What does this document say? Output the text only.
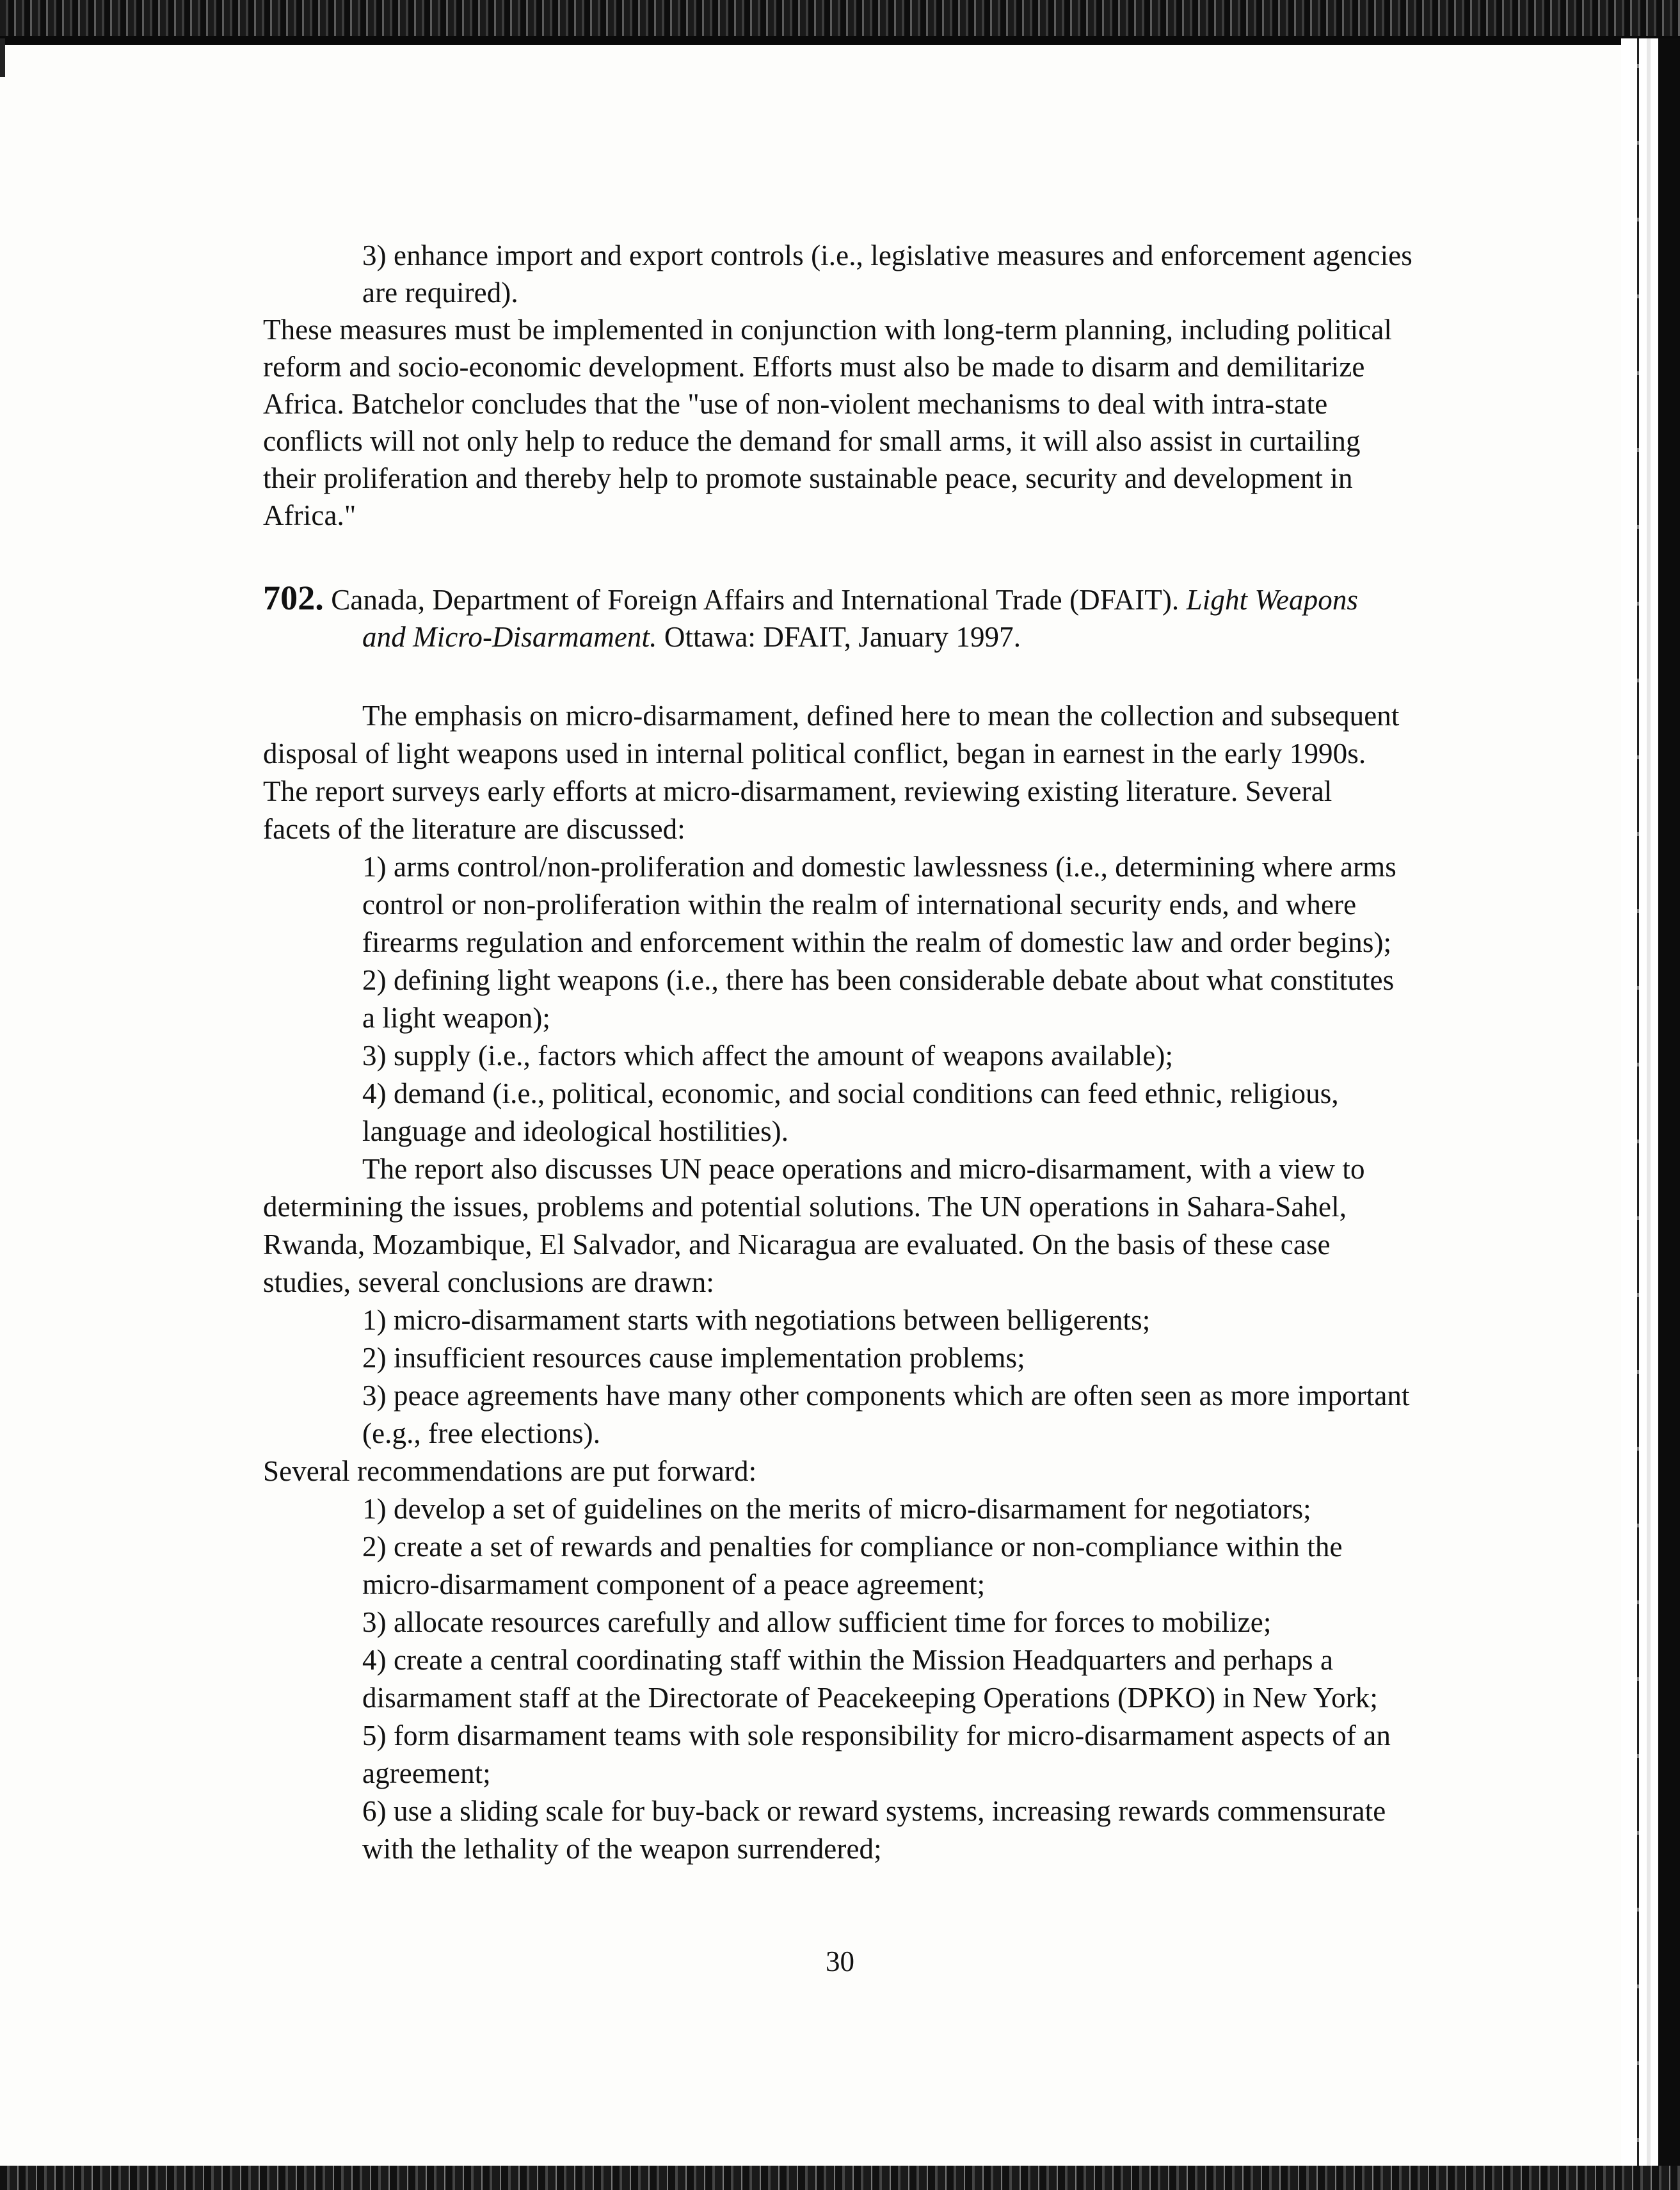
3) enhance import and export controls (i.e., legislative measures and enforcement agencies
are required).
These measures must be implemented in conjunction with long-term planning, including political
reform and socio-economic development. Efforts must also be made to disarm and demilitarize
Africa. Batchelor concludes that the "use of non-violent mechanisms to deal with intra-state
conflicts will not only help to reduce the demand for small arms, it will also assist in curtailing
their proliferation and thereby help to promote sustainable peace, security and development in
Africa."
702. Canada, Department of Foreign Affairs and International Trade (DFAIT). Light Weapons
and Micro-Disarmament. Ottawa: DFAIT, January 1997.
The emphasis on micro-disarmament, defined here to mean the collection and subsequent
disposal of light weapons used in internal political conflict, began in earnest in the early 1990s.
The report surveys early efforts at micro-disarmament, reviewing existing literature. Several
facets of the literature are discussed:
1) arms control/non-proliferation and domestic lawlessness (i.e., determining where arms
control or non-proliferation within the realm of international security ends, and where
firearms regulation and enforcement within the realm of domestic law and order begins);
2) defining light weapons (i.e., there has been considerable debate about what constitutes
a light weapon);
3) supply (i.e., factors which affect the amount of weapons available);
4) demand (i.e., political, economic, and social conditions can feed ethnic, religious,
language and ideological hostilities).
The report also discusses UN peace operations and micro-disarmament, with a view to
determining the issues, problems and potential solutions. The UN operations in Sahara-Sahel,
Rwanda, Mozambique, El Salvador, and Nicaragua are evaluated. On the basis of these case
studies, several conclusions are drawn:
1) micro-disarmament starts with negotiations between belligerents;
2) insufficient resources cause implementation problems;
3) peace agreements have many other components which are often seen as more important
(e.g., free elections).
Several recommendations are put forward:
1) develop a set of guidelines on the merits of micro-disarmament for negotiators;
2) create a set of rewards and penalties for compliance or non-compliance within the
micro-disarmament component of a peace agreement;
3) allocate resources carefully and allow sufficient time for forces to mobilize;
4) create a central coordinating staff within the Mission Headquarters and perhaps a
disarmament staff at the Directorate of Peacekeeping Operations (DPKO) in New York;
5) form disarmament teams with sole responsibility for micro-disarmament aspects of an
agreement;
6) use a sliding scale for buy-back or reward systems, increasing rewards commensurate
with the lethality of the weapon surrendered;
30
